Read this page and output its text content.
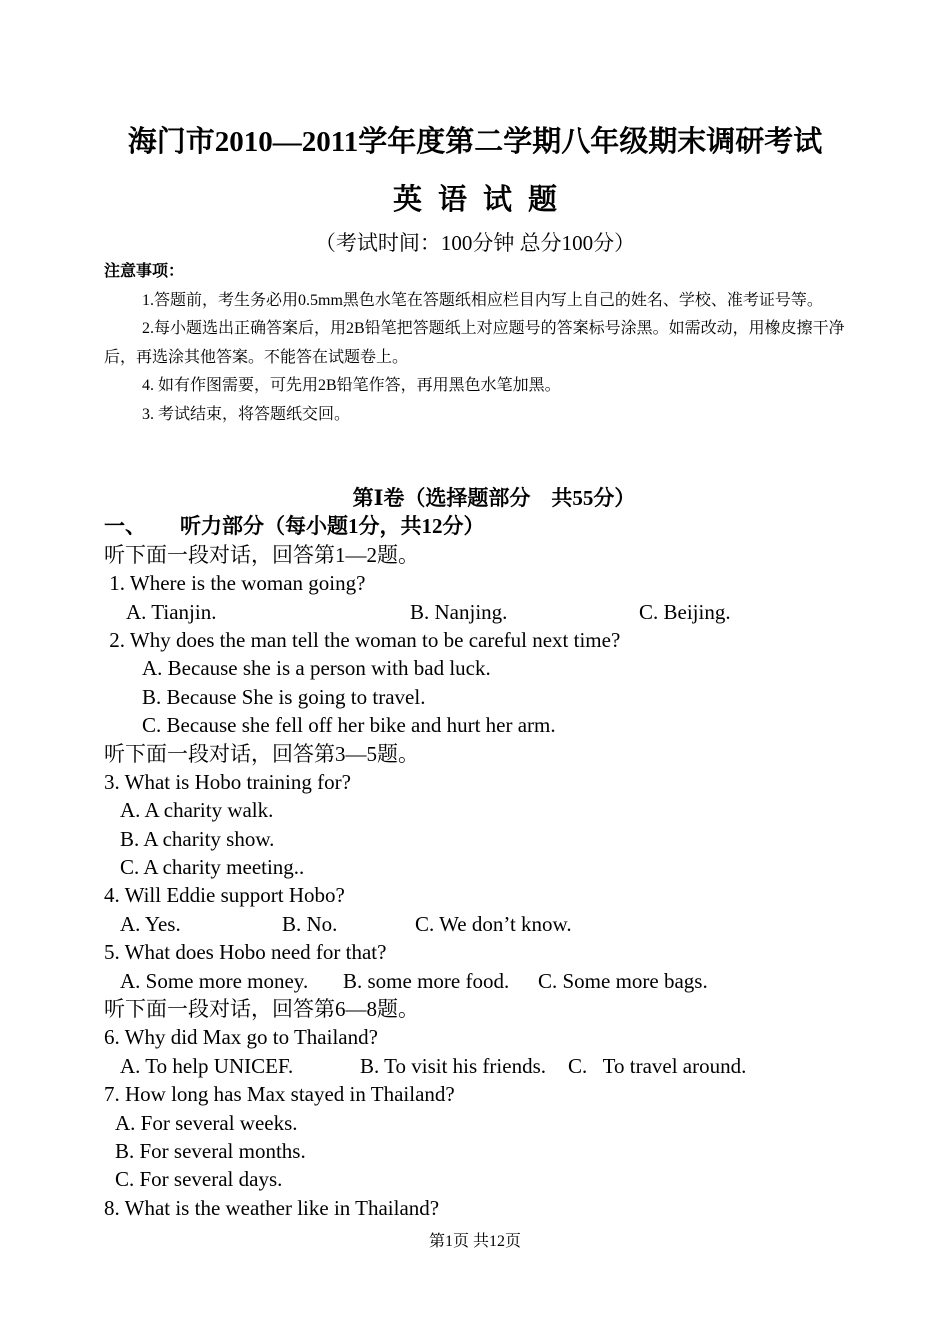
海门市2010—2011学年度第二学期八年级期末调研考试
英语试题
（考试时间：100分钟 总分100分）
注意事项：
1.答题前，考生务必用0.5mm黑色水笔在答题纸相应栏目内写上自己的姓名、学校、准考证号等。
2.每小题选出正确答案后，用2B铅笔把答题纸上对应题号的答案标号涂黑。如需改动，用橡皮擦干净后，再选涂其他答案。不能答在试题卷上。
4. 如有作图需要，可先用2B铅笔作答，再用黑色水笔加黑。
3. 考试结束，将答题纸交回。
第Ⅰ卷（选择题部分　共55分）
一、 听力部分（每小题1分，共12分）
听下面一段对话，回答第1―2题。
1. Where is the woman going?
A. Tianjin.	B. Nanjing.	C. Beijing.
2. Why does the man tell the woman to be careful next time?
A. Because she is a person with bad luck.
B. Because She is going to travel.
C. Because she fell off her bike and hurt her arm.
听下面一段对话，回答第3―5题。
3. What is Hobo training for?
A. A charity walk.
B. A charity show.
C. A charity meeting..
4. Will Eddie support Hobo?
A. Yes.	B. No.	C. We don’t know.
5. What does Hobo need for that?
A. Some more money. B. some more food. C. Some more bags.
听下面一段对话，回答第6―8题。
6. Why did Max go to Thailand?
A. To help UNICEF.	B. To visit his friends. C.   To travel around.
7. How long has Max stayed in Thailand?
A. For several weeks.
B. For several months.
C. For several days.
8. What is the weather like in Thailand?
第1页 共12页
